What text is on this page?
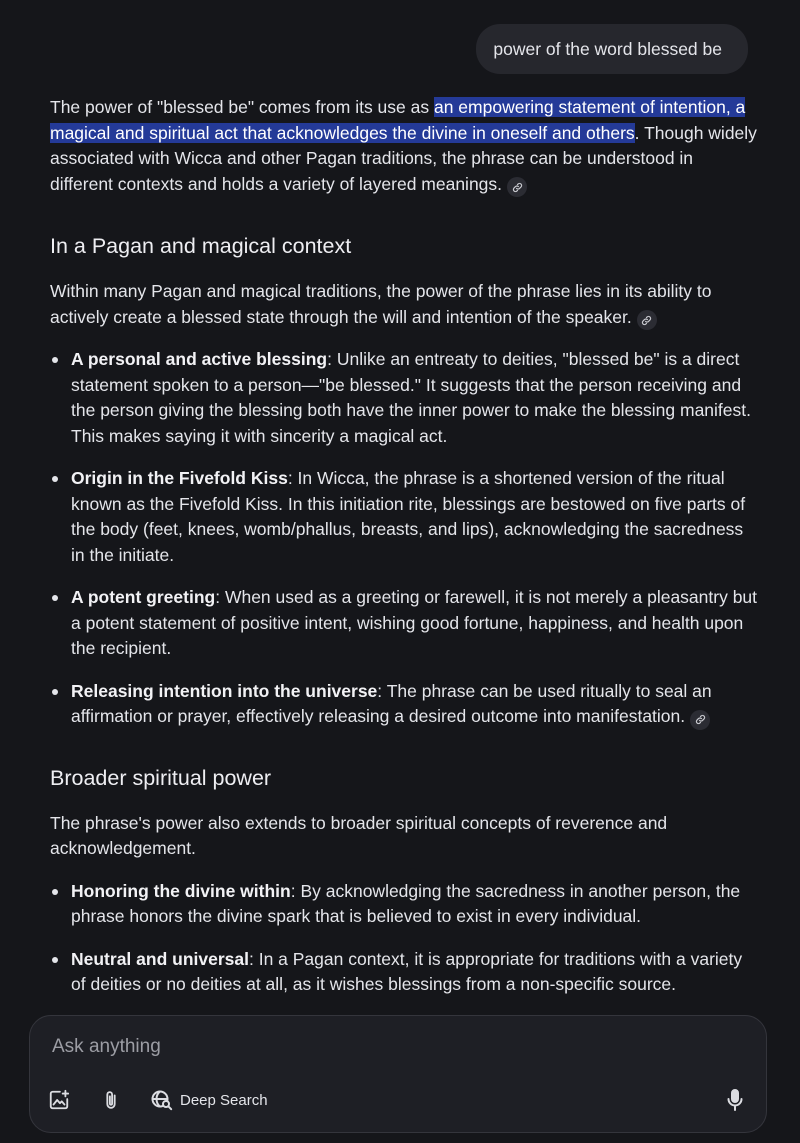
power of the word blessed be

The power of "blessed be" comes from its use as an empowering statement of intention, a magical and spiritual act that acknowledges the divine in oneself and others. Though widely associated with Wicca and other Pagan traditions, the phrase can be understood in different contexts and holds a variety of layered meanings.

In a Pagan and magical context

Within many Pagan and magical traditions, the power of the phrase lies in its ability to actively create a blessed state through the will and intention of the speaker.

A personal and active blessing: Unlike an entreaty to deities, "blessed be" is a direct statement spoken to a person—"be blessed." It suggests that the person receiving and the person giving the blessing both have the inner power to make the blessing manifest. This makes saying it with sincerity a magical act.
Origin in the Fivefold Kiss: In Wicca, the phrase is a shortened version of the ritual known as the Fivefold Kiss. In this initiation rite, blessings are bestowed on five parts of the body (feet, knees, womb/phallus, breasts, and lips), acknowledging the sacredness in the initiate.
A potent greeting: When used as a greeting or farewell, it is not merely a pleasantry but a potent statement of positive intent, wishing good fortune, happiness, and health upon the recipient.
Releasing intention into the universe: The phrase can be used ritually to seal an affirmation or prayer, effectively releasing a desired outcome into manifestation.
Broader spiritual power

The phrase's power also extends to broader spiritual concepts of reverence and acknowledgement.

Honoring the divine within: By acknowledging the sacredness in another person, the phrase honors the divine spark that is believed to exist in every individual.
Neutral and universal: In a Pagan context, it is appropriate for traditions with a variety of deities or no deities at all, as it wishes blessings from a non-specific source.
Ask anything
Deep Search
